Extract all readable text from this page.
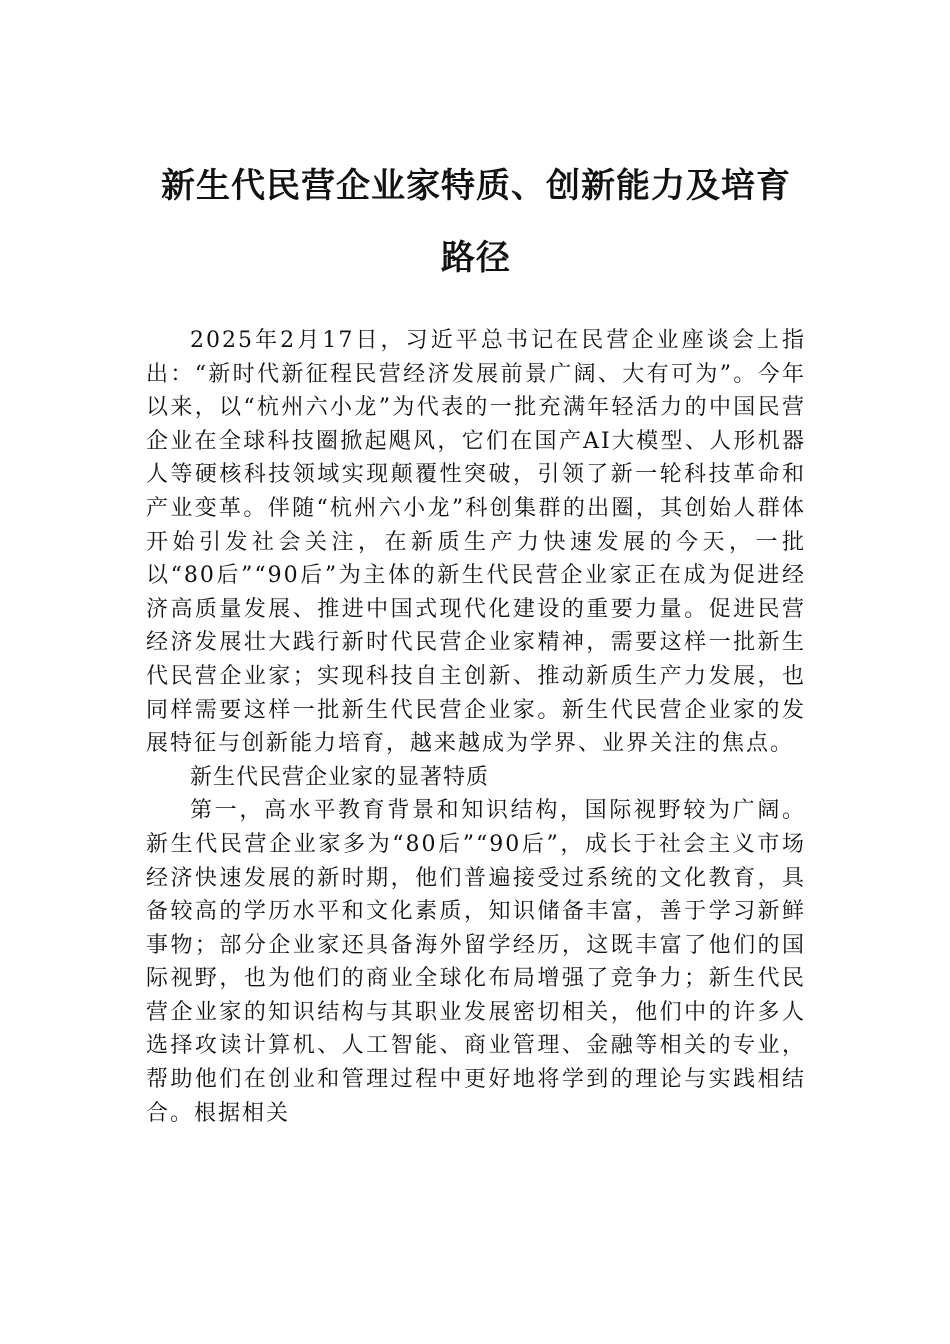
新生代民营企业家特质、创新能力及培育
路径

2025年2月17日，习近平总书记在民营企业座谈会上指出：“新时代新征程民营经济发展前景广阔、大有可为”。今年以来，以“杭州六小龙”为代表的一批充满年轻活力的中国民营企业在全球科技圈掀起飓风，它们在国产AI大模型、人形机器人等硬核科技领域实现颠覆性突破，引领了新一轮科技革命和产业变革。伴随“杭州六小龙”科创集群的出圈，其创始人群体开始引发社会关注，在新质生产力快速发展的今天，一批以“80后”“90后”为主体的新生代民营企业家正在成为促进经济高质量发展、推进中国式现代化建设的重要力量。促进民营经济发展壮大践行新时代民营企业家精神，需要这样一批新生代民营企业家；实现科技自主创新、推动新质生产力发展，也同样需要这样一批新生代民营企业家。新生代民营企业家的发展特征与创新能力培育，越来越成为学界、业界关注的焦点。

新生代民营企业家的显著特质

第一，高水平教育背景和知识结构，国际视野较为广阔。新生代民营企业家多为“80后”“90后”，成长于社会主义市场经济快速发展的新时期，他们普遍接受过系统的文化教育，具备较高的学历水平和文化素质，知识储备丰富，善于学习新鲜事物；部分企业家还具备海外留学经历，这既丰富了他们的国际视野，也为他们的商业全球化布局增强了竞争力；新生代民营企业家的知识结构与其职业发展密切相关，他们中的许多人选择攻读计算机、人工智能、商业管理、金融等相关的专业，帮助他们在创业和管理过程中更好地将学到的理论与实践相结合。根据相关
